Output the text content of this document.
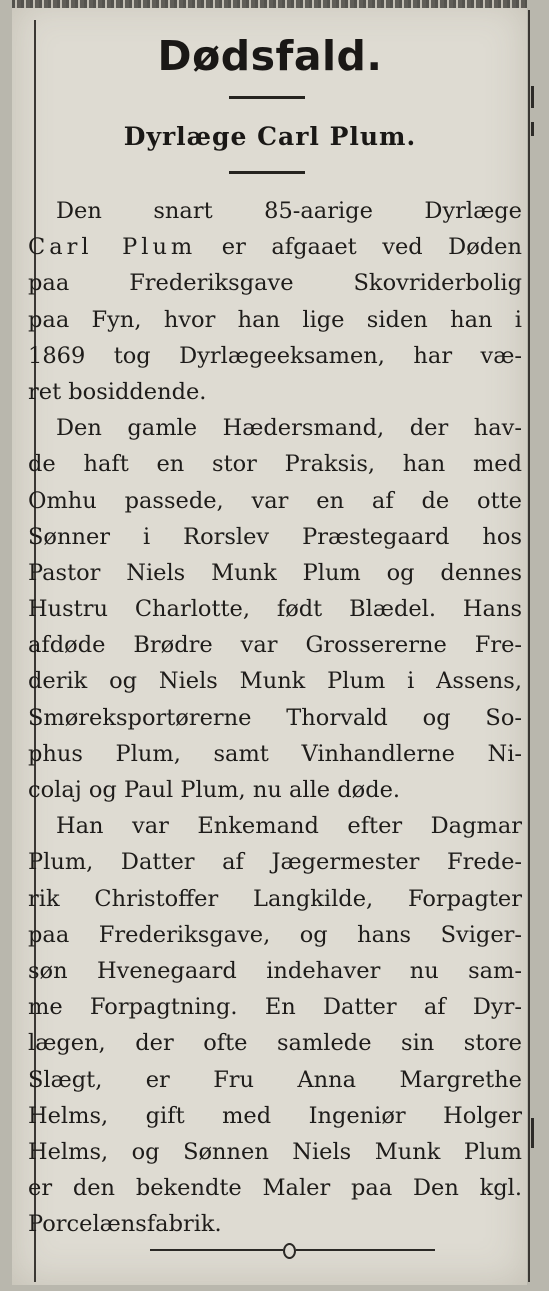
Dødsfald.
Dyrlæge Carl Plum.
Den snart 85-aarige Dyrlæge
Carl Plum er afgaaet ved Døden
paa Frederiksgave Skovriderbolig
paa Fyn, hvor han lige siden han i
1869 tog Dyrlægeeksamen, har væ-
ret bosiddende.
Den gamle Hædersmand, der hav-
de haft en stor Praksis, han med
Omhu passede, var en af de otte
Sønner i Rorslev Præstegaard hos
Pastor Niels Munk Plum og dennes
Hustru Charlotte, født Blædel. Hans
afdøde Brødre var Grossererne Fre-
derik og Niels Munk Plum i Assens,
Smøreksportørerne Thorvald og So-
phus Plum, samt Vinhandlerne Ni-
colaj og Paul Plum, nu alle døde.
Han var Enkemand efter Dagmar
Plum, Datter af Jægermester Frede-
rik Christoffer Langkilde, Forpagter
paa Frederiksgave, og hans Sviger-
søn Hvenegaard indehaver nu sam-
me Forpagtning. En Datter af Dyr-
lægen, der ofte samlede sin store
Slægt, er Fru Anna Margrethe
Helms, gift med Ingeniør Holger
Helms, og Sønnen Niels Munk Plum
er den bekendte Maler paa Den kgl.
Porcelænsfabrik.
